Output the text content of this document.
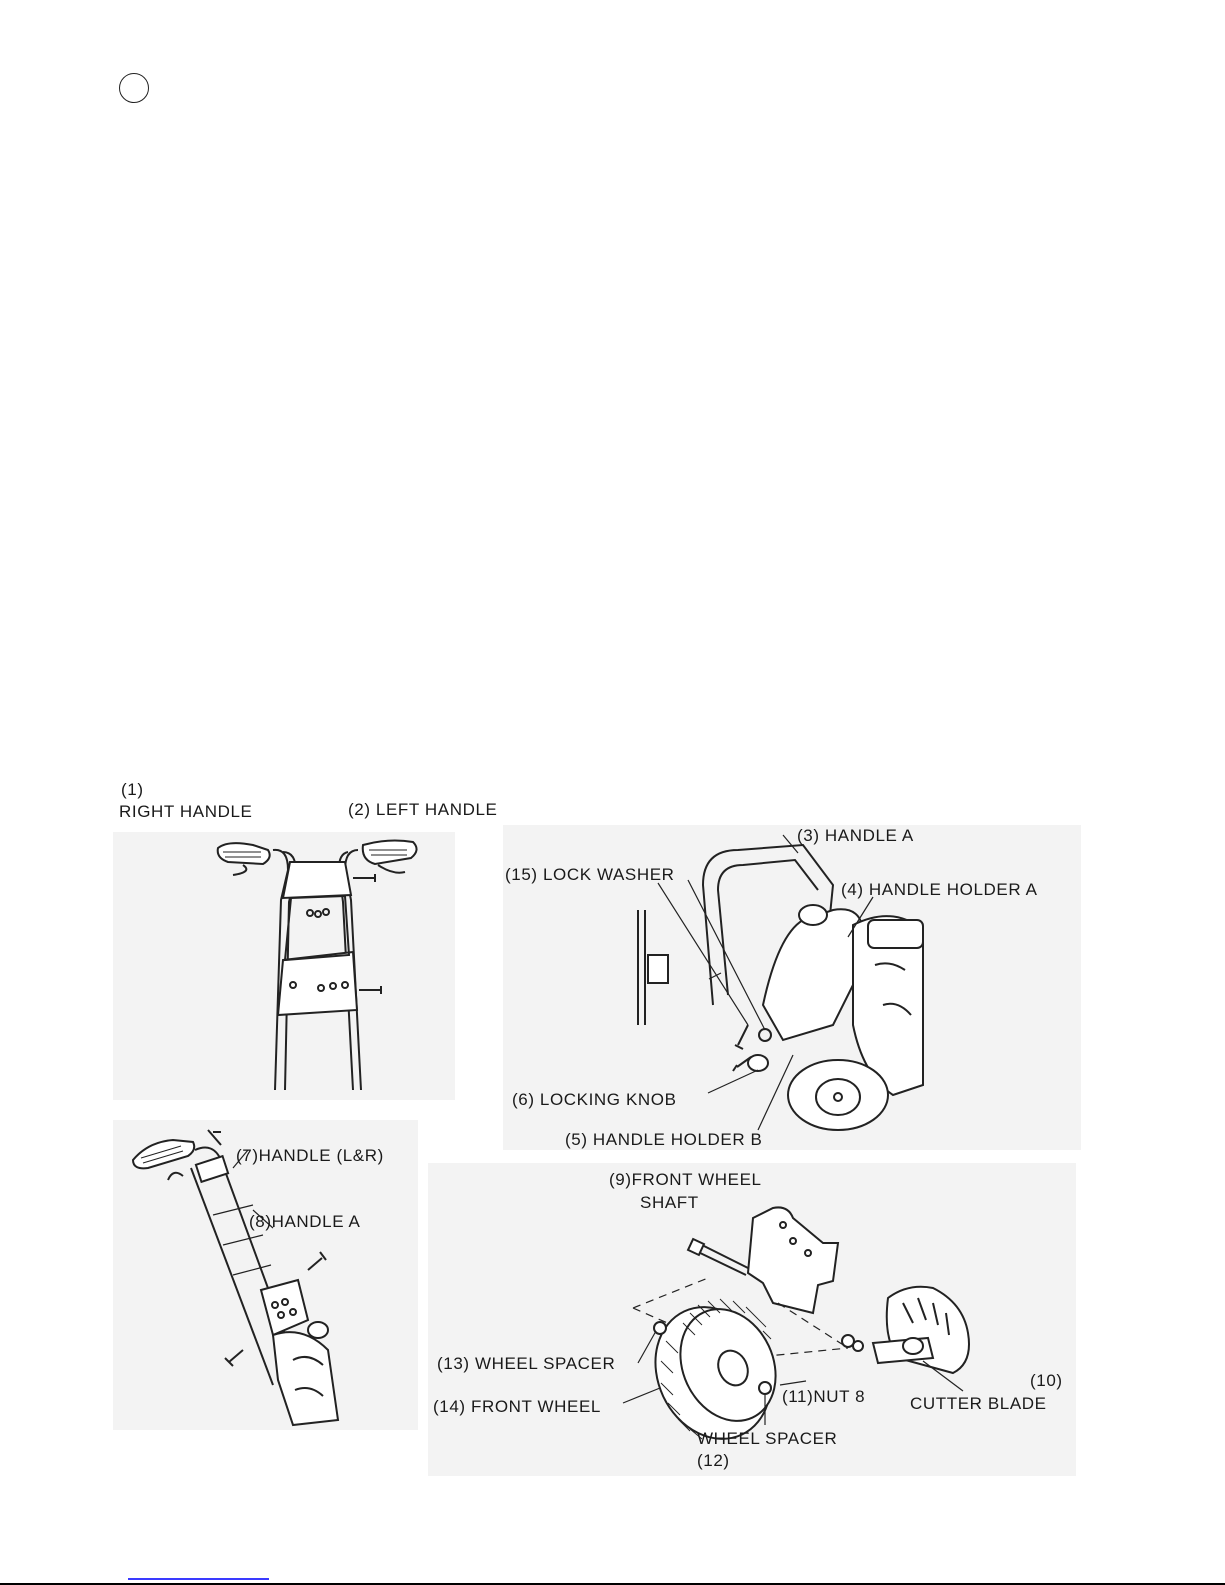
(1)
RIGHT HANDLE	(2) LEFT HANDLE
(3) HANDLE A
(15) LOCK WASHER
(4) HANDLE HOLDER A
(6) LOCKING KNOB
(5) HANDLE HOLDER B
(7)HANDLE (L&R)
(8)HANDLE A
(9)FRONT WHEEL
SHAFT
(13) WHEEL SPACER
(14) FRONT WHEEL
(11)NUT 8
(10)
CUTTER BLADE
WHEEL SPACER
(12)
